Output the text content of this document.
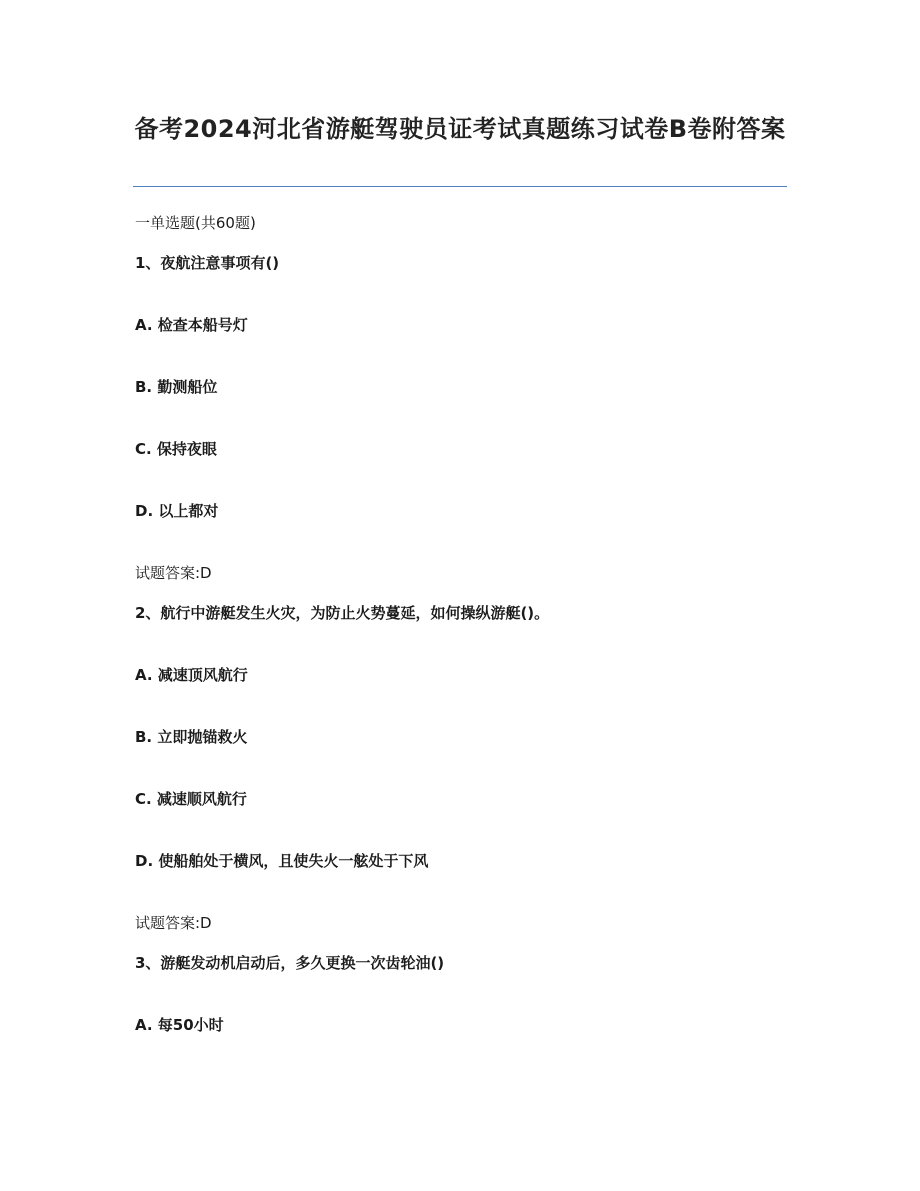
备考2024河北省游艇驾驶员证考试真题练习试卷B卷附答案
一单选题(共60题)
1、夜航注意事项有()
A. 检查本船号灯
B. 勤测船位
C. 保持夜眼
D. 以上都对
试题答案:D
2、航行中游艇发生火灾，为防止火势蔓延，如何操纵游艇()。
A. 减速顶风航行
B. 立即抛锚救火
C. 减速顺风航行
D. 使船舶处于横风，且使失火一舷处于下风
试题答案:D
3、游艇发动机启动后，多久更换一次齿轮油()
A. 每50小时
